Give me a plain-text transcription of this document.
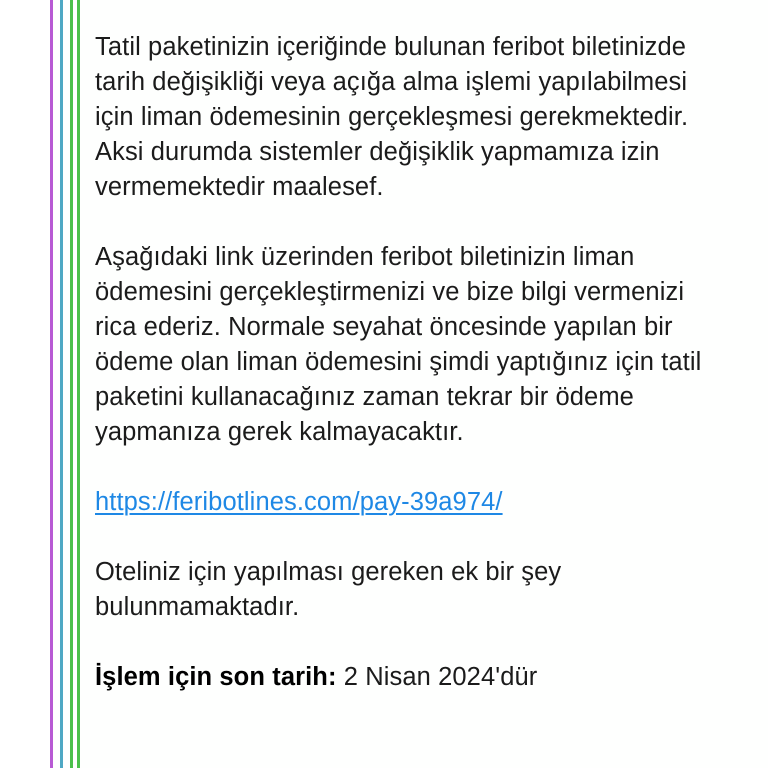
Tatil paketinizin içeriğinde bulunan feribot biletinizde tarih değişikliği veya açığa alma işlemi yapılabilmesi için liman ödemesinin gerçekleşmesi gerekmektedir. Aksi durumda sistemler değişiklik yapmamıza izin vermemektedir maalesef.

Aşağıdaki link üzerinden feribot biletinizin liman ödemesini gerçekleştirmenizi ve bize bilgi vermenizi rica ederiz. Normale seyahat öncesinde yapılan bir ödeme olan liman ödemesini şimdi yaptığınız için tatil paketini kullanacağınız zaman tekrar bir ödeme yapmanıza gerek kalmayacaktır.

https://feribotlines.com/pay-39a974/

Oteliniz için yapılması gereken ek bir şey bulunmamaktadır.

İşlem için son tarih: 2 Nisan 2024'dür
